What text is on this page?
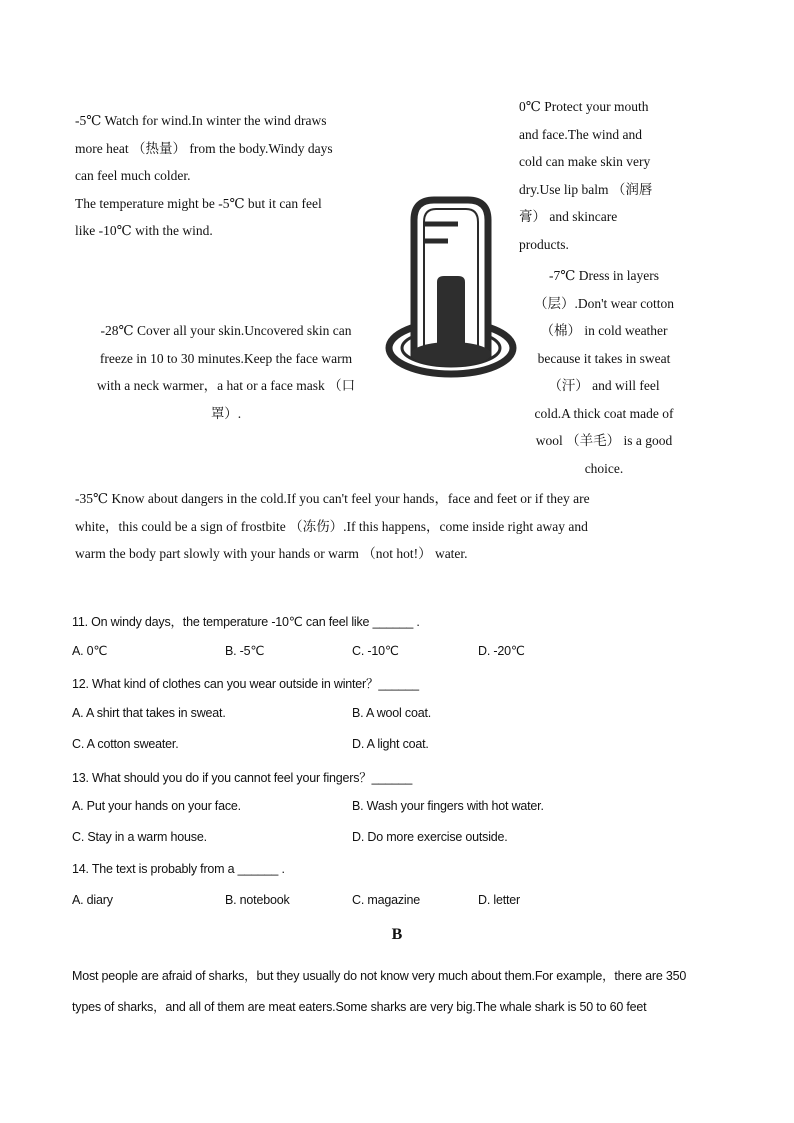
-5℃ Watch for wind.In winter the wind draws
more heat （热量） from the body.Windy days
can feel much colder.
The temperature might be -5℃ but it can feel
like -10℃ with the wind.
0℃ Protect your mouth
and face.The wind and
cold can make skin very
dry.Use lip balm （润唇
膏） and skincare
products.
-7℃ Dress in layers
（层）.Don't wear cotton
（棉） in cold weather
because it takes in sweat
（汗） and will feel
cold.A thick coat made of
wool （羊毛） is a good
choice.
-28℃ Cover all your skin.Uncovered skin can
freeze in 10 to 30 minutes.Keep the face warm
with a neck warmer，a hat or a face mask （口
罩）.
-35℃ Know about dangers in the cold.If you can't feel your hands，face and feet or if they are
white，this could be a sign of frostbite （冻伤）.If this happens，come inside right away and
warm the body part slowly with your hands or warm （not hot!） water.
11. On windy days，the temperature -10℃ can feel like ______ .
A. 0℃	B. -5℃	C. -10℃	D. -20℃
12. What kind of clothes can you wear outside in winter？______
A. A shirt that takes in sweat.	B. A wool coat.
C. A cotton sweater.	D. A light coat.
13. What should you do if you cannot feel your fingers？______
A. Put your hands on your face.	B. Wash your fingers with hot water.
C. Stay in a warm house.	D. Do more exercise outside.
14. The text is probably from a ______ .
A. diary	B. notebook	C. magazine	D. letter
B
Most people are afraid of sharks，but they usually do not know very much about them.For example，there are 350
types of sharks，and all of them are meat eaters.Some sharks are very big.The whale shark is 50 to 60 feet
